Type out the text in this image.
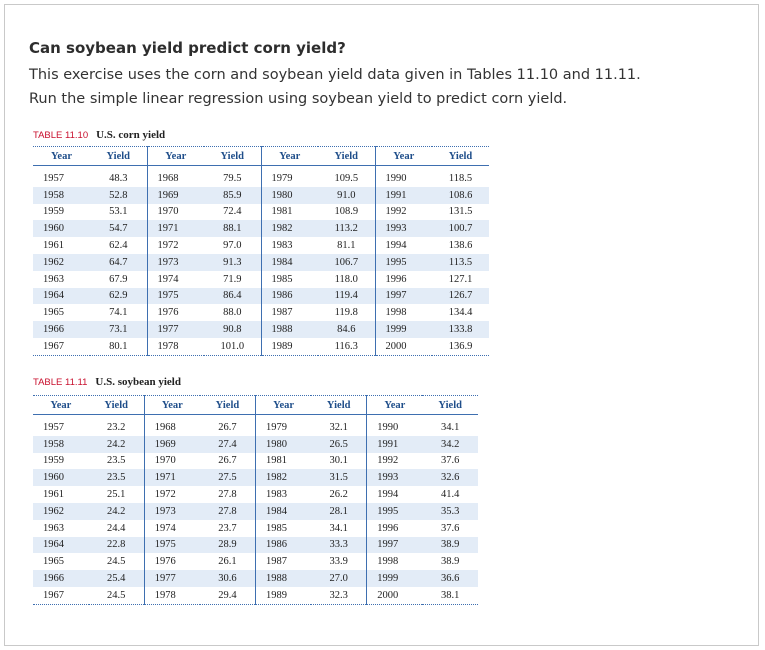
Can soybean yield predict corn yield?

This exercise uses the corn and soybean yield data given in Tables 11.10 and 11.11.

Run the simple linear regression using soybean yield to predict corn yield.

TABLE 11.10 U.S. corn yield
Year	Yield	Year	Yield	Year	Yield	Year	Yield

1957	48.3	1968	79.5	1979	109.5	1990	118.5
1958	52.8	1969	85.9	1980	91.0	1991	108.6
1959	53.1	1970	72.4	1981	108.9	1992	131.5
1960	54.7	1971	88.1	1982	113.2	1993	100.7
1961	62.4	1972	97.0	1983	81.1	1994	138.6
1962	64.7	1973	91.3	1984	106.7	1995	113.5
1963	67.9	1974	71.9	1985	118.0	1996	127.1
1964	62.9	1975	86.4	1986	119.4	1997	126.7
1965	74.1	1976	88.0	1987	119.8	1998	134.4
1966	73.1	1977	90.8	1988	84.6	1999	133.8
1967	80.1	1978	101.0	1989	116.3	2000	136.9
TABLE 11.11 U.S. soybean yield
Year	Yield	Year	Yield	Year	Yield	Year	Yield

1957	23.2	1968	26.7	1979	32.1	1990	34.1
1958	24.2	1969	27.4	1980	26.5	1991	34.2
1959	23.5	1970	26.7	1981	30.1	1992	37.6
1960	23.5	1971	27.5	1982	31.5	1993	32.6
1961	25.1	1972	27.8	1983	26.2	1994	41.4
1962	24.2	1973	27.8	1984	28.1	1995	35.3
1963	24.4	1974	23.7	1985	34.1	1996	37.6
1964	22.8	1975	28.9	1986	33.3	1997	38.9
1965	24.5	1976	26.1	1987	33.9	1998	38.9
1966	25.4	1977	30.6	1988	27.0	1999	36.6
1967	24.5	1978	29.4	1989	32.3	2000	38.1
